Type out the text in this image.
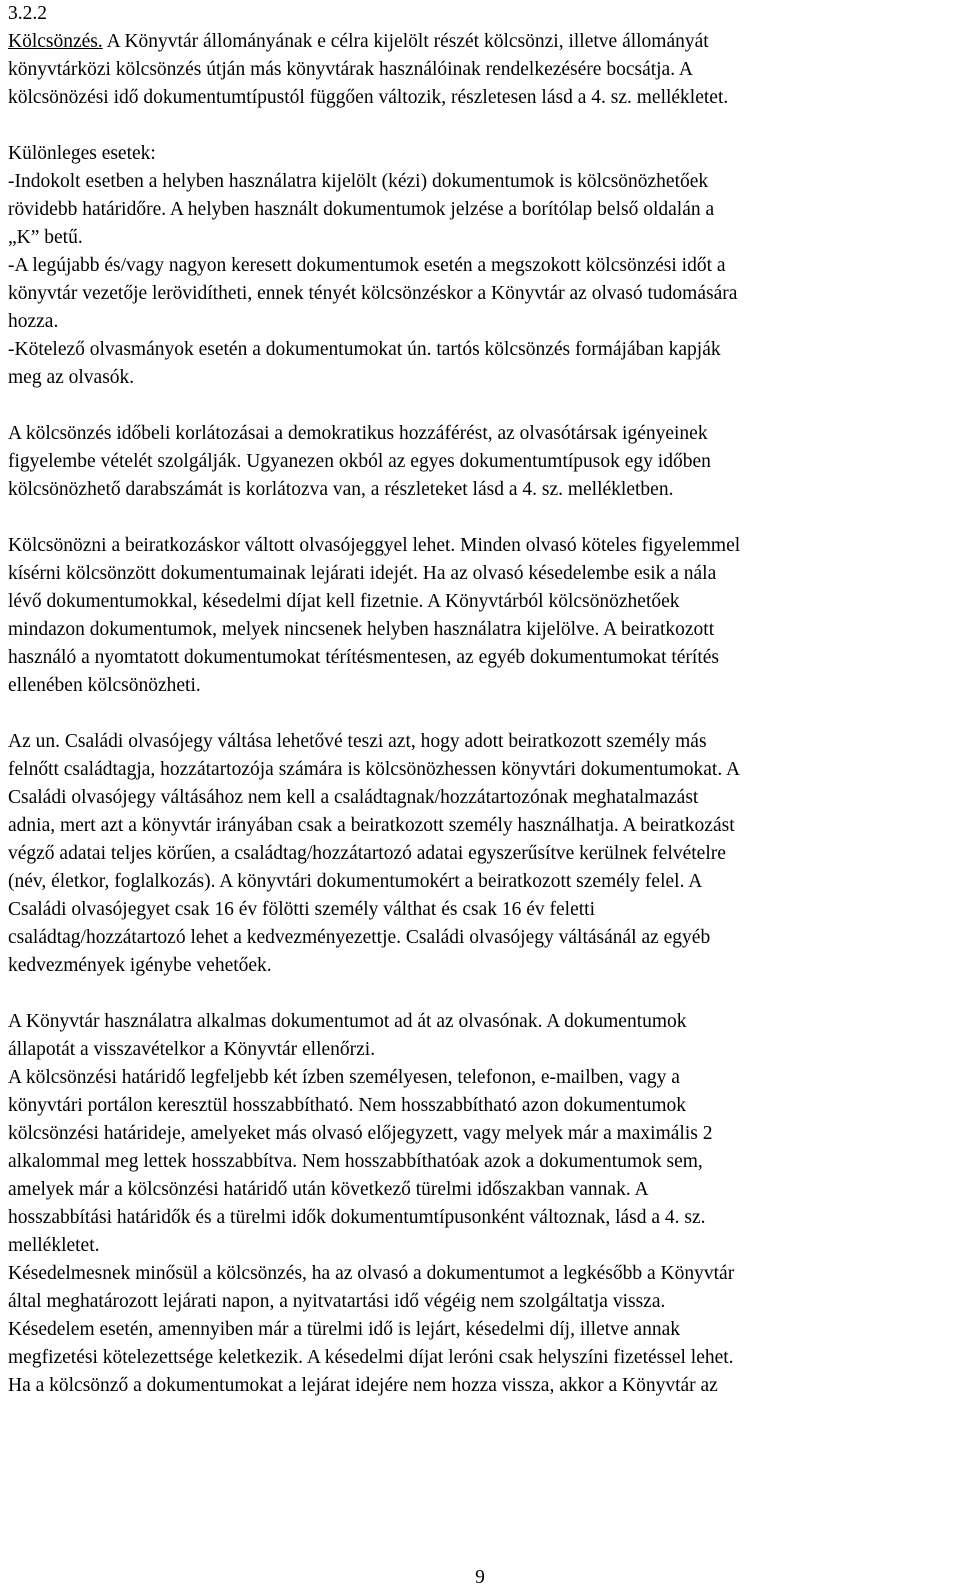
3.2.2
Kölcsönzés. A Könyvtár állományának e célra kijelölt részét kölcsönzi, illetve állományát
könyvtárközi kölcsönzés útján más könyvtárak használóinak rendelkezésére bocsátja. A
kölcsönözési idő dokumentumtípustól függően változik, részletesen lásd a 4. sz. mellékletet.
Különleges esetek:
-Indokolt esetben a helyben használatra kijelölt (kézi) dokumentumok is kölcsönözhetőek
rövidebb határidőre. A helyben használt dokumentumok jelzése a borítólap belső oldalán a
„K” betű.
-A legújabb és/vagy nagyon keresett dokumentumok esetén a megszokott kölcsönzési időt a
könyvtár vezetője lerövidítheti, ennek tényét kölcsönzéskor a Könyvtár az olvasó tudomására
hozza.
-Kötelező olvasmányok esetén a dokumentumokat ún. tartós kölcsönzés formájában kapják
meg az olvasók.
A kölcsönzés időbeli korlátozásai a demokratikus hozzáférést, az olvasótársak igényeinek
figyelembe vételét szolgálják. Ugyanezen okból az egyes dokumentumtípusok egy időben
kölcsönözhető darabszámát is korlátozva van, a részleteket lásd a 4. sz. mellékletben.
Kölcsönözni a beiratkozáskor váltott olvasójeggyel lehet. Minden olvasó köteles figyelemmel
kísérni kölcsönzött dokumentumainak lejárati idejét. Ha az olvasó késedelembe esik a nála
lévő dokumentumokkal, késedelmi díjat kell fizetnie. A Könyvtárból kölcsönözhetőek
mindazon dokumentumok, melyek nincsenek helyben használatra kijelölve. A beiratkozott
használó a nyomtatott dokumentumokat térítésmentesen, az egyéb dokumentumokat térítés
ellenében kölcsönözheti.
Az un. Családi olvasójegy váltása lehetővé teszi azt, hogy adott beiratkozott személy más
felnőtt családtagja, hozzátartozója számára is kölcsönözhessen könyvtári dokumentumokat. A
Családi olvasójegy váltásához nem kell a családtagnak/hozzátartozónak meghatalmazást
adnia, mert azt a könyvtár irányában csak a beiratkozott személy használhatja. A beiratkozást
végző adatai teljes körűen, a családtag/hozzátartozó adatai egyszerűsítve kerülnek felvételre
(név, életkor, foglalkozás). A könyvtári dokumentumokért a beiratkozott személy felel. A
Családi olvasójegyet csak 16 év fölötti személy válthat és csak 16 év feletti
családtag/hozzátartozó lehet a kedvezményezettje. Családi olvasójegy váltásánál az egyéb
kedvezmények igénybe vehetőek.
A Könyvtár használatra alkalmas dokumentumot ad át az olvasónak. A dokumentumok
állapotát a visszavételkor a Könyvtár ellenőrzi.
A kölcsönzési határidő legfeljebb két ízben személyesen, telefonon, e-mailben, vagy a
könyvtári portálon keresztül hosszabbítható. Nem hosszabbítható azon dokumentumok
kölcsönzési határideje, amelyeket más olvasó előjegyzett, vagy melyek már a maximális 2
alkalommal meg lettek hosszabbítva. Nem hosszabbíthatóak azok a dokumentumok sem,
amelyek már a kölcsönzési határidő után következő türelmi időszakban vannak. A
hosszabbítási határidők és a türelmi idők dokumentumtípusonként változnak, lásd a 4. sz.
mellékletet.
Késedelmesnek minősül a kölcsönzés, ha az olvasó a dokumentumot a legkésőbb a Könyvtár
által meghatározott lejárati napon, a nyitvatartási idő végéig nem szolgáltatja vissza.
Késedelem esetén, amennyiben már a türelmi idő is lejárt, késedelmi díj, illetve annak
megfizetési kötelezettsége keletkezik. A késedelmi díjat leróni csak helyszíni fizetéssel lehet.
Ha a kölcsönző a dokumentumokat a lejárat idejére nem hozza vissza, akkor a Könyvtár az
9
